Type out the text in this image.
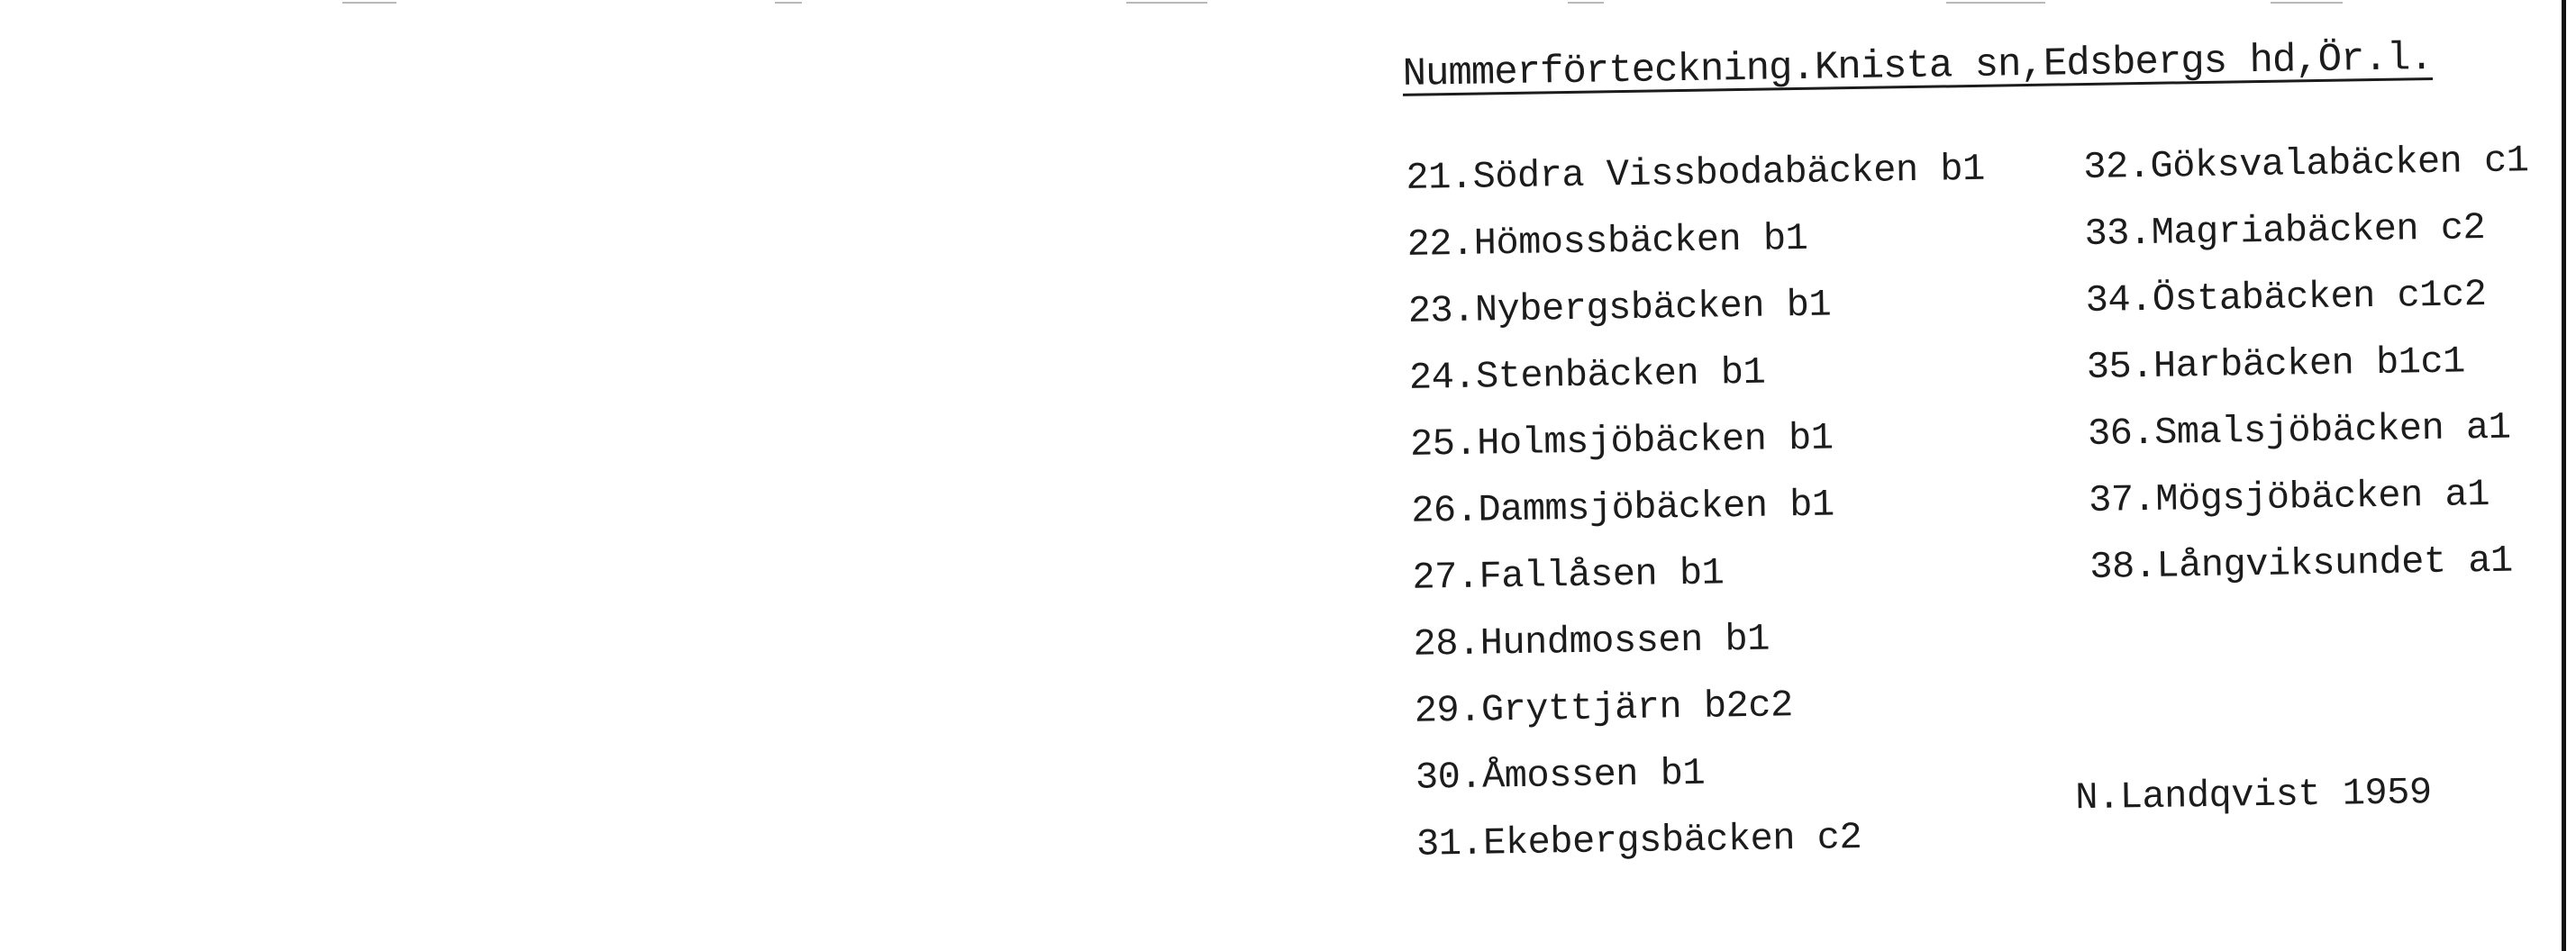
Nummerförteckning.Knista sn,Edsbergs hd,Ör.l.
21.Södra Vissbodabäcken b1
22.Hömossbäcken b1
23.Nybergsbäcken b1
24.Stenbäcken b1
25.Holmsjöbäcken b1
26.Dammsjöbäcken b1
27.Fallåsen b1
28.Hundmossen b1
29.Gryttjärn b2c2
30.Åmossen b1
31.Ekebergsbäcken c2
32.Göksvalabäcken c1
33.Magriabäcken c2
34.Östabäcken c1c2
35.Harbäcken b1c1
36.Smalsjöbäcken a1
37.Mögsjöbäcken a1
38.Långviksundet a1
N.Landqvist 1959
